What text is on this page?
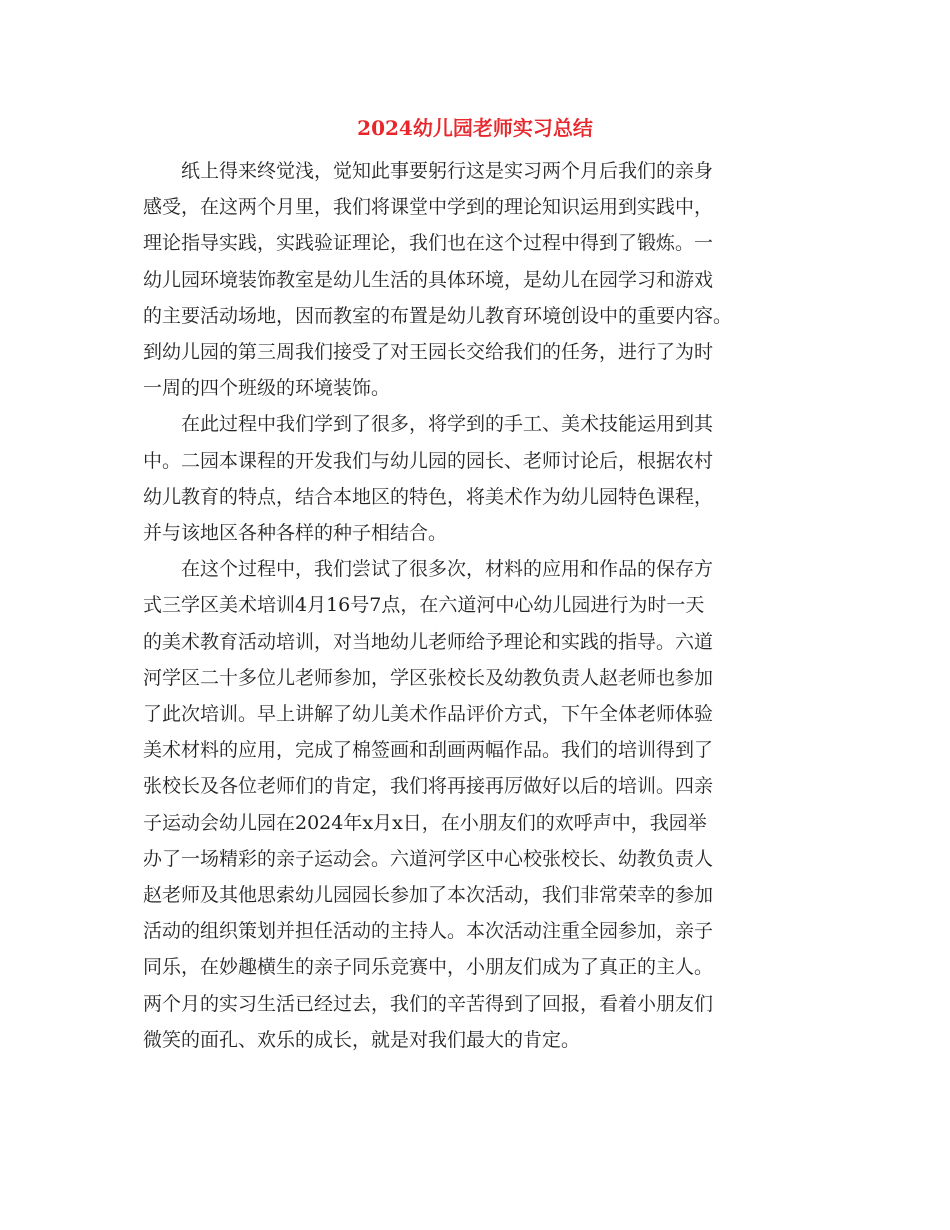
2024幼儿园老师实习总结

纸上得来终觉浅，觉知此事要躬行这是实习两个月后我们的亲身
感受，在这两个月里，我们将课堂中学到的理论知识运用到实践中，
理论指导实践，实践验证理论，我们也在这个过程中得到了锻炼。一
幼儿园环境装饰教室是幼儿生活的具体环境，是幼儿在园学习和游戏
的主要活动场地，因而教室的布置是幼儿教育环境创设中的重要内容。
到幼儿园的第三周我们接受了对王园长交给我们的任务，进行了为时
一周的四个班级的环境装饰。

在此过程中我们学到了很多，将学到的手工、美术技能运用到其
中。二园本课程的开发我们与幼儿园的园长、老师讨论后，根据农村
幼儿教育的特点，结合本地区的特色，将美术作为幼儿园特色课程，
并与该地区各种各样的种子相结合。

在这个过程中，我们尝试了很多次，材料的应用和作品的保存方
式三学区美术培训4月16号7点，在六道河中心幼儿园进行为时一天
的美术教育活动培训，对当地幼儿老师给予理论和实践的指导。六道
河学区二十多位儿老师参加，学区张校长及幼教负责人赵老师也参加
了此次培训。早上讲解了幼儿美术作品评价方式，下午全体老师体验
美术材料的应用，完成了棉签画和刮画两幅作品。我们的培训得到了
张校长及各位老师们的肯定，我们将再接再厉做好以后的培训。四亲
子运动会幼儿园在2024年x月x日，在小朋友们的欢呼声中，我园举
办了一场精彩的亲子运动会。六道河学区中心校张校长、幼教负责人
赵老师及其他思索幼儿园园长参加了本次活动，我们非常荣幸的参加
活动的组织策划并担任活动的主持人。本次活动注重全园参加，亲子
同乐，在妙趣横生的亲子同乐竞赛中，小朋友们成为了真正的主人。
两个月的实习生活已经过去，我们的辛苦得到了回报，看着小朋友们
微笑的面孔、欢乐的成长，就是对我们最大的肯定。
